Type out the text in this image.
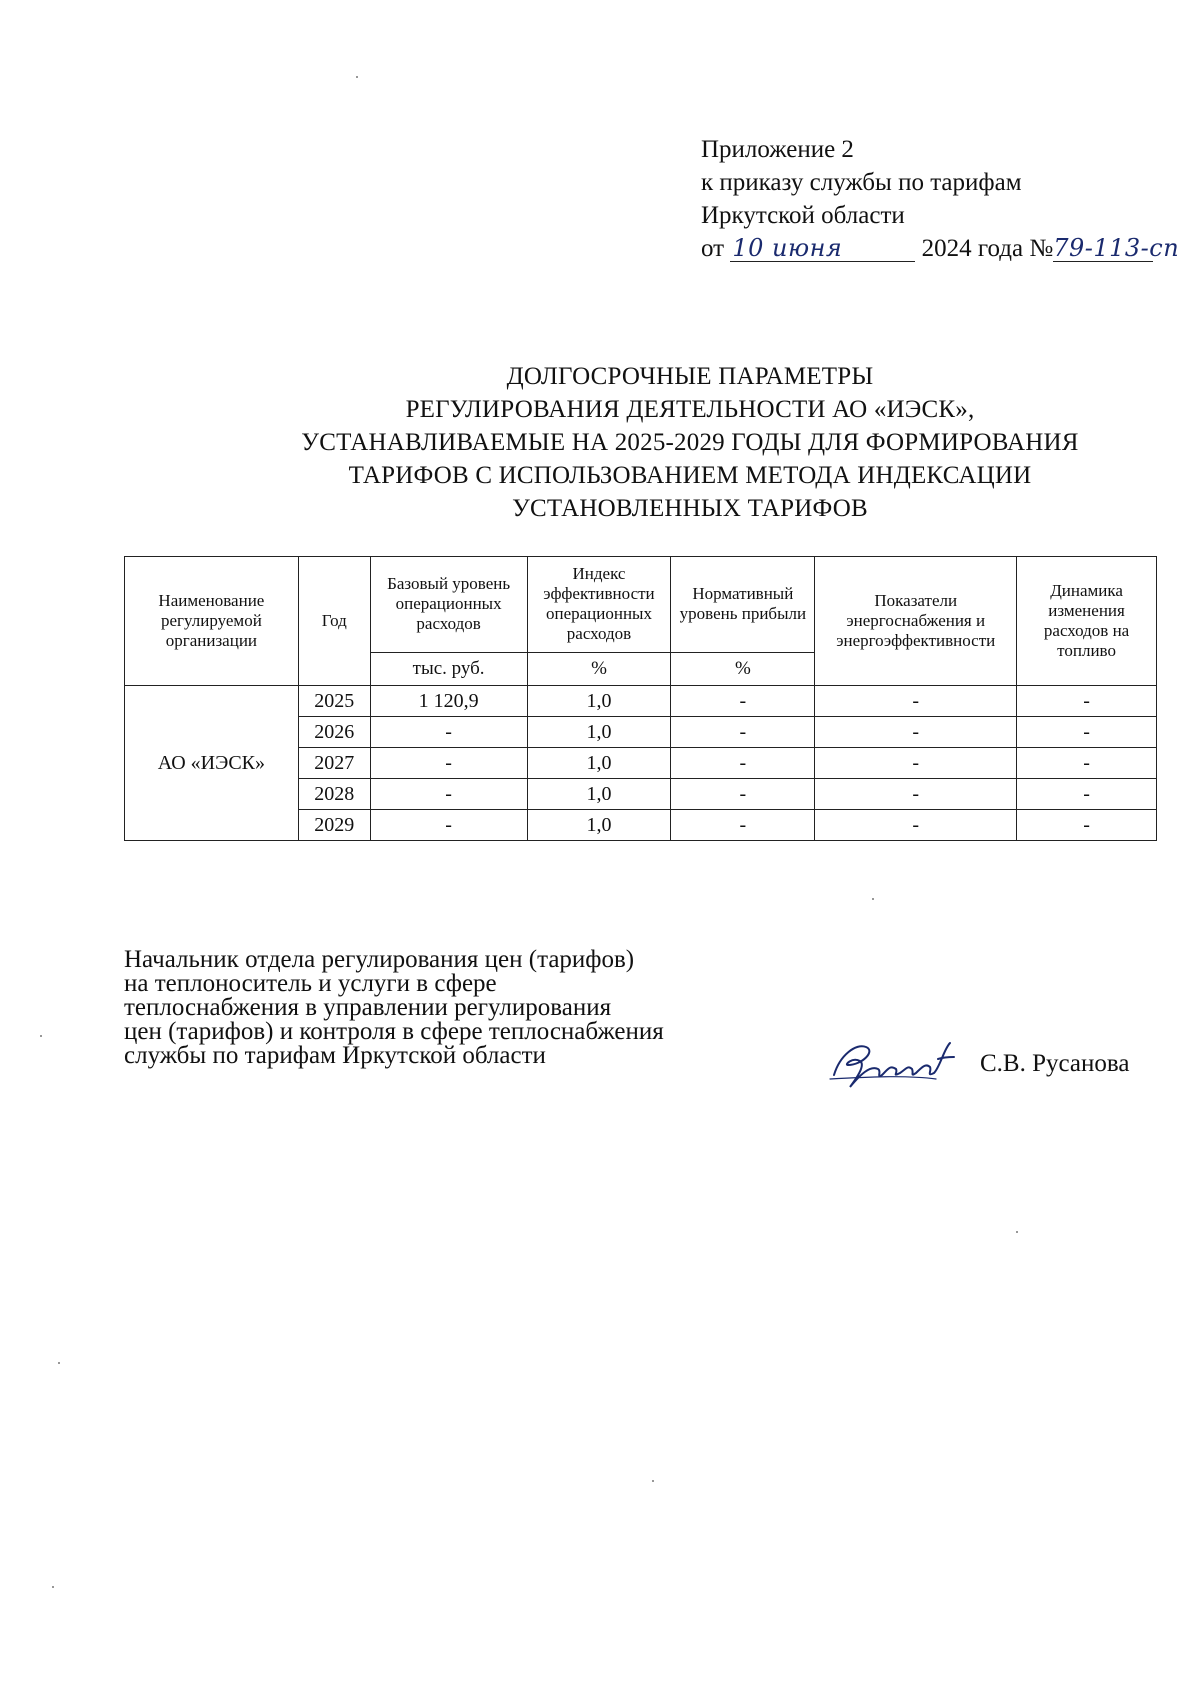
Приложение 2
к приказу службы по тарифам
Иркутской области
от 10 июня	2024 года №79-113-сп
ДОЛГОСРОЧНЫЕ ПАРАМЕТРЫ
РЕГУЛИРОВАНИЯ ДЕЯТЕЛЬНОСТИ АО «ИЭСК»,
УСТАНАВЛИВАЕМЫЕ НА 2025-2029 ГОДЫ ДЛЯ ФОРМИРОВАНИЯ
ТАРИФОВ С ИСПОЛЬЗОВАНИЕМ МЕТОДА ИНДЕКСАЦИИ
УСТАНОВЛЕННЫХ ТАРИФОВ
Наименование регулируемой организации	Год	Базовый уровень операционных расходов	Индекс эффективности операционных расходов	Нормативный уровень прибыли	Показатели энергоснабжения и энергоэффективности	Динамика изменения расходов на топливо
		тыс. руб.	%	%		
АО «ИЭСК»	2025	1 120,9	1,0	-	-	-
	2026	-	1,0	-	-	-
	2027	-	1,0	-	-	-
	2028	-	1,0	-	-	-
	2029	-	1,0	-	-	-
Начальник отдела регулирования цен (тарифов)
на теплоноситель и услуги в сфере
теплоснабжения в управлении регулирования
цен (тарифов) и контроля в сфере теплоснабжения
службы по тарифам Иркутской области	С.В. Русанова
